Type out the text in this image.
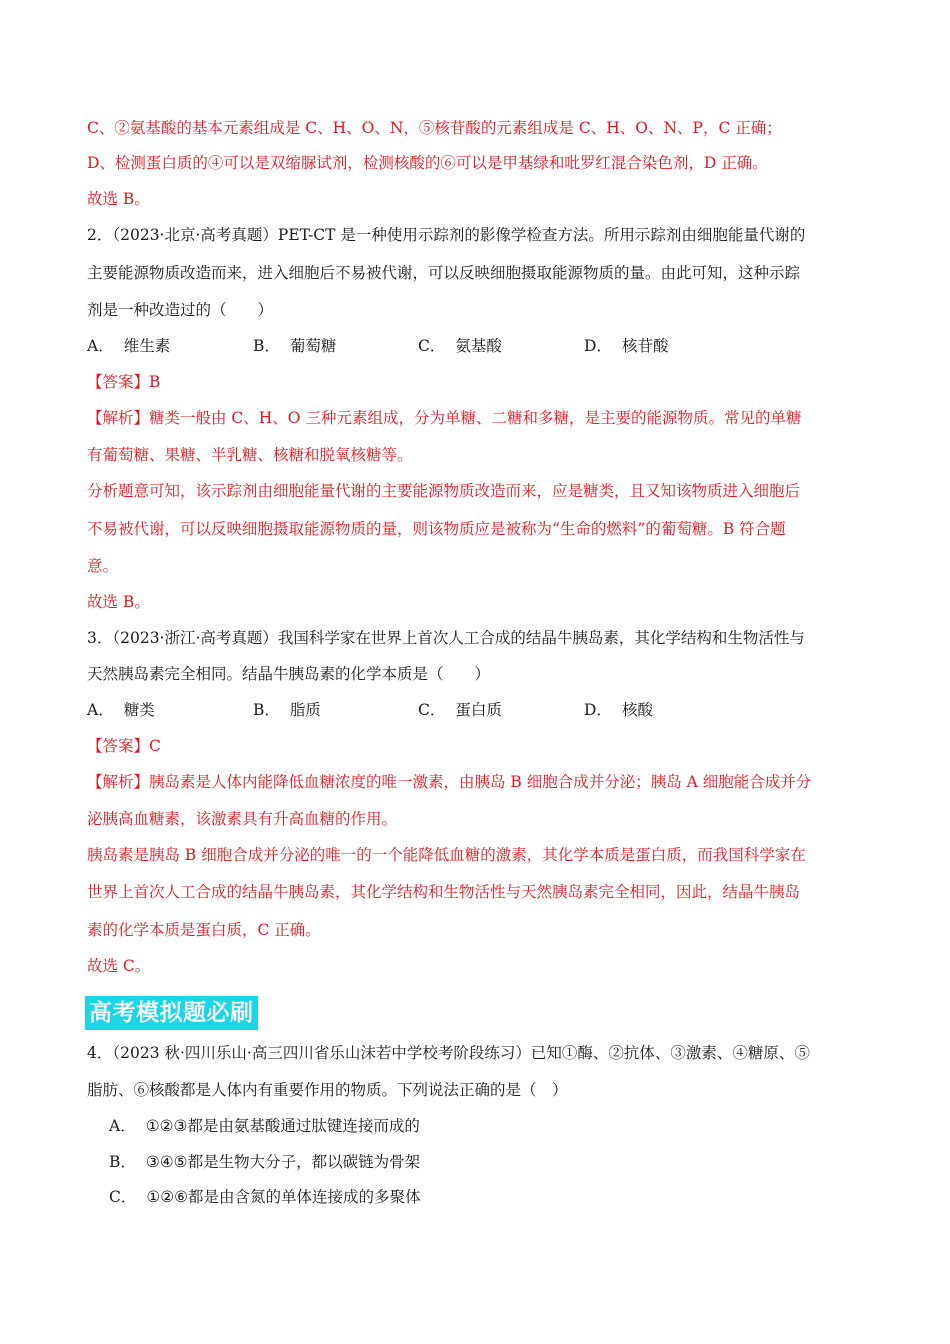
C、②氨基酸的基本元素组成是 C、H、O、N，⑤核苷酸的元素组成是 C、H、O、N、P，C 正确；
D、检测蛋白质的④可以是双缩脲试剂，检测核酸的⑥可以是甲基绿和吡罗红混合染色剂，D 正确。
故选 B。
2．（2023·北京·高考真题）PET-CT 是一种使用示踪剂的影像学检查方法。所用示踪剂由细胞能量代谢的
主要能源物质改造而来，进入细胞后不易被代谢，可以反映细胞摄取能源物质的量。由此可知，这种示踪
剂是一种改造过的（　　）
A． 维生素	B． 葡萄糖	C． 氨基酸	D． 核苷酸
【答案】B
【解析】糖类一般由 C、H、O 三种元素组成，分为单糖、二糖和多糖，是主要的能源物质。常见的单糖
有葡萄糖、果糖、半乳糖、核糖和脱氧核糖等。
分析题意可知，该示踪剂由细胞能量代谢的主要能源物质改造而来，应是糖类，且又知该物质进入细胞后
不易被代谢，可以反映细胞摄取能源物质的量，则该物质应是被称为“生命的燃料”的葡萄糖。B 符合题
意。
故选 B。
3．（2023·浙江·高考真题）我国科学家在世界上首次人工合成的结晶牛胰岛素，其化学结构和生物活性与
天然胰岛素完全相同。结晶牛胰岛素的化学本质是（　　）
A． 糖类	B． 脂质	C． 蛋白质	D． 核酸
【答案】C
【解析】胰岛素是人体内能降低血糖浓度的唯一激素，由胰岛 B 细胞合成并分泌；胰岛 A 细胞能合成并分
泌胰高血糖素，该激素具有升高血糖的作用。
胰岛素是胰岛 B 细胞合成并分泌的唯一的一个能降低血糖的激素，其化学本质是蛋白质，而我国科学家在
世界上首次人工合成的结晶牛胰岛素，其化学结构和生物活性与天然胰岛素完全相同，因此，结晶牛胰岛
素的化学本质是蛋白质，C 正确。
故选 C。
高考模拟题必刷
4．（2023 秋·四川乐山·高三四川省乐山沫若中学校考阶段练习）已知①酶、②抗体、③激素、④糖原、⑤
脂肪、⑥核酸都是人体内有重要作用的物质。下列说法正确的是（　）
A． ①②③都是由氨基酸通过肽键连接而成的
B． ③④⑤都是生物大分子，都以碳链为骨架
C． ①②⑥都是由含氮的单体连接成的多聚体
